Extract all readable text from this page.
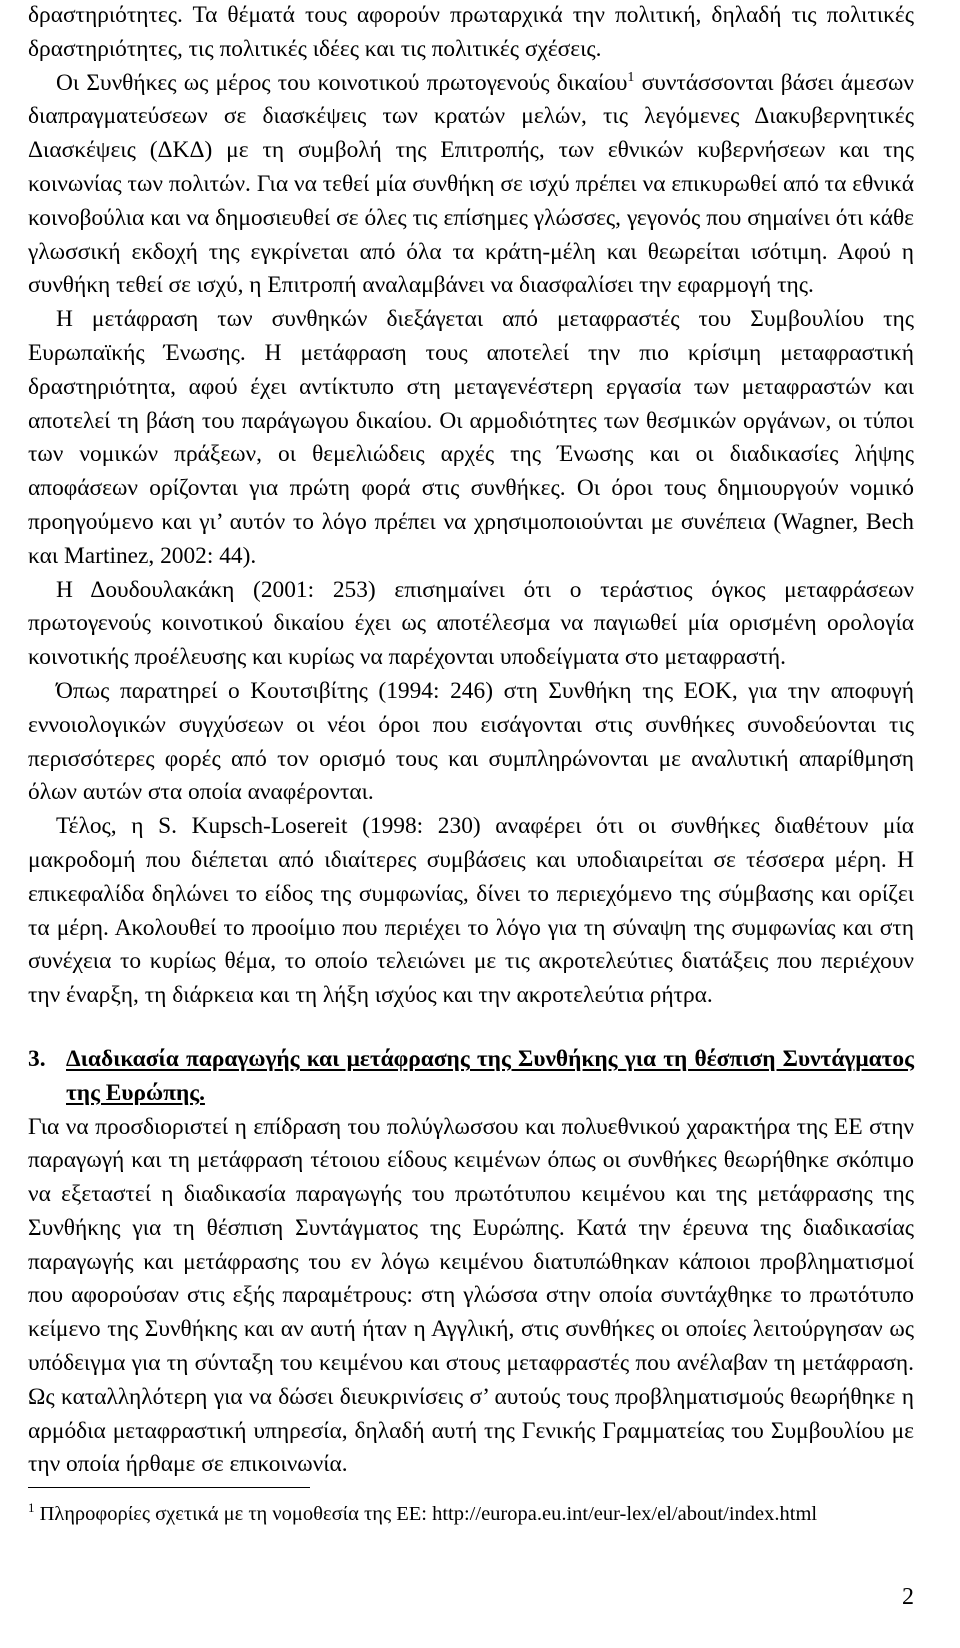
δραστηριότητες. Τα θέματά τους αφορούν πρωταρχικά την πολιτική, δηλαδή τις πολιτικές δραστηριότητες, τις πολιτικές ιδέες και τις πολιτικές σχέσεις.

Οι Συνθήκες ως μέρος του κοινοτικού πρωτογενούς δικαίου$^1$ συντάσσονται βάσει άμεσων διαπραγματεύσεων σε διασκέψεις των κρατών μελών, τις λεγόμενες Διακυβερνητικές Διασκέψεις (ΔΚΔ) με τη συμβολή της Επιτροπής, των εθνικών κυβερνήσεων και της κοινωνίας των πολιτών. Για να τεθεί μία συνθήκη σε ισχύ πρέπει να επικυρωθεί από τα εθνικά κοινοβούλια και να δημοσιευθεί σε όλες τις επίσημες γλώσσες, γεγονός που σημαίνει ότι κάθε γλωσσική εκδοχή της εγκρίνεται από όλα τα κράτη-μέλη και θεωρείται ισότιμη. Αφού η συνθήκη τεθεί σε ισχύ, η Επιτροπή αναλαμβάνει να διασφαλίσει την εφαρμογή της.

Η μετάφραση των συνθηκών διεξάγεται από μεταφραστές του Συμβουλίου της Ευρωπαϊκής Ένωσης. Η μετάφραση τους αποτελεί την πιο κρίσιμη μεταφραστική δραστηριότητα, αφού έχει αντίκτυπο στη μεταγενέστερη εργασία των μεταφραστών και αποτελεί τη βάση του παράγωγου δικαίου. Οι αρμοδιότητες των θεσμικών οργάνων, οι τύποι των νομικών πράξεων, οι θεμελιώδεις αρχές της Ένωσης και οι διαδικασίες λήψης αποφάσεων ορίζονται για πρώτη φορά στις συνθήκες. Οι όροι τους δημιουργούν νομικό προηγούμενο και γι’ αυτόν το λόγο πρέπει να χρησιμοποιούνται με συνέπεια (Wagner, Bech και Martinez, 2002: 44).

Η Δουδουλακάκη (2001: 253) επισημαίνει ότι ο τεράστιος όγκος μεταφράσεων πρωτογενούς κοινοτικού δικαίου έχει ως αποτέλεσμα να παγιωθεί μία ορισμένη ορολογία κοινοτικής προέλευσης και κυρίως να παρέχονται υποδείγματα στο μεταφραστή.

Όπως παρατηρεί ο Κουτσιβίτης (1994: 246) στη Συνθήκη της ΕΟΚ, για την αποφυγή εννοιολογικών συγχύσεων οι νέοι όροι που εισάγονται στις συνθήκες συνοδεύονται τις περισσότερες φορές από τον ορισμό τους και συμπληρώνονται με αναλυτική απαρίθμηση όλων αυτών στα οποία αναφέρονται.

Τέλος, η S. Kupsch-Losereit (1998: 230) αναφέρει ότι οι συνθήκες διαθέτουν μία μακροδομή που διέπεται από ιδιαίτερες συμβάσεις και υποδιαιρείται σε τέσσερα μέρη. Η επικεφαλίδα δηλώνει το είδος της συμφωνίας, δίνει το περιεχόμενο της σύμβασης και ορίζει τα μέρη. Ακολουθεί το προοίμιο που περιέχει το λόγο για τη σύναψη της συμφωνίας και στη συνέχεια το κυρίως θέμα, το οποίο τελειώνει με τις ακροτελεύτιες διατάξεις που περιέχουν την έναρξη, τη διάρκεια και τη λήξη ισχύος και την ακροτελεύτια ρήτρα.

3. Διαδικασία παραγωγής και μετάφρασης της Συνθήκης για τη θέσπιση Συντάγματος της Ευρώπης.

Για να προσδιοριστεί η επίδραση του πολύγλωσσου και πολυεθνικού χαρακτήρα της ΕΕ στην παραγωγή και τη μετάφραση τέτοιου είδους κειμένων όπως οι συνθήκες θεωρήθηκε σκόπιμο να εξεταστεί η διαδικασία παραγωγής του πρωτότυπου κειμένου και της μετάφρασης της Συνθήκης για τη θέσπιση Συντάγματος της Ευρώπης. Κατά την έρευνα της διαδικασίας παραγωγής και μετάφρασης του εν λόγω κειμένου διατυπώθηκαν κάποιοι προβληματισμοί που αφορούσαν στις εξής παραμέτρους: στη γλώσσα στην οποία συντάχθηκε το πρωτότυπο κείμενο της Συνθήκης και αν αυτή ήταν η Αγγλική, στις συνθήκες οι οποίες λειτούργησαν ως υπόδειγμα για τη σύνταξη του κειμένου και στους μεταφραστές που ανέλαβαν τη μετάφραση. Ως καταλληλότερη για να δώσει διευκρινίσεις σ’ αυτούς τους προβληματισμούς θεωρήθηκε η αρμόδια μεταφραστική υπηρεσία, δηλαδή αυτή της Γενικής Γραμματείας του Συμβουλίου με την οποία ήρθαμε σε επικοινωνία.

$^1$ Πληροφορίες σχετικά με τη νομοθεσία της ΕΕ: http://europa.eu.int/eur-lex/el/about/index.html
2
